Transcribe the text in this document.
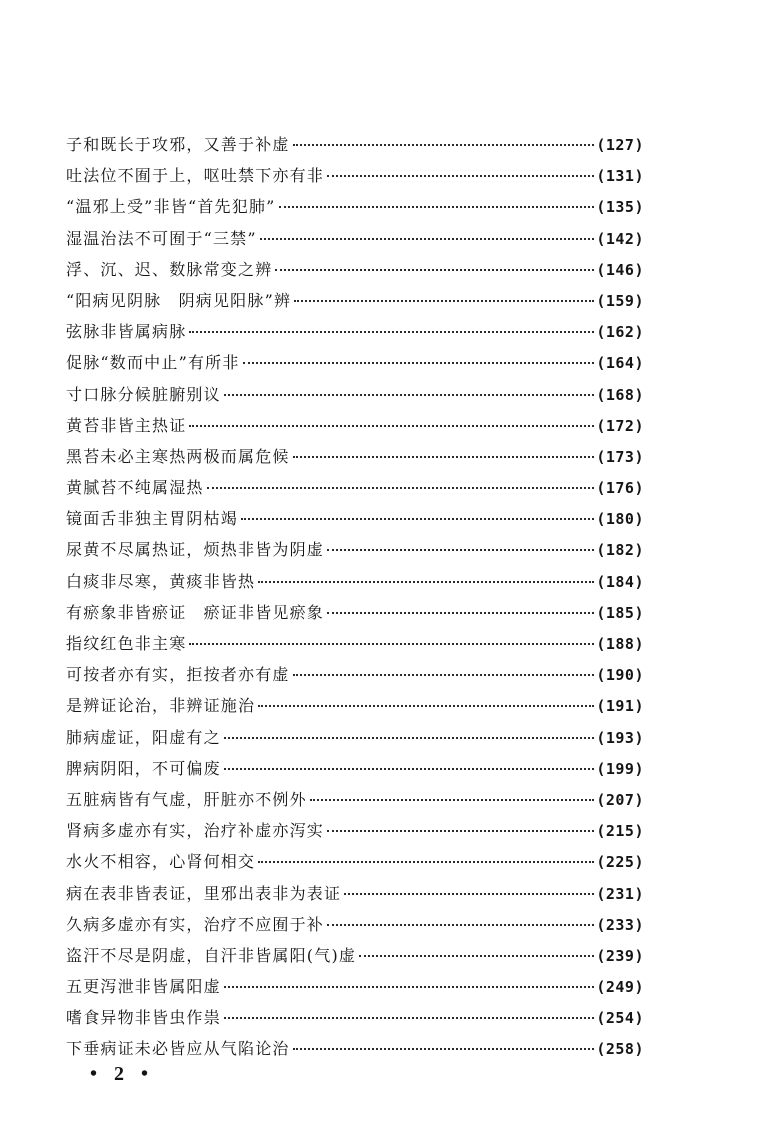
子和既长于攻邪，又善于补虚	(127)
吐法位不囿于上，呕吐禁下亦有非	(131)
“温邪上受”非皆“首先犯肺”	(135)
湿温治法不可囿于“三禁”	(142)
浮、沉、迟、数脉常变之辨	(146)
“阳病见阴脉　阴病见阳脉”辨	(159)
弦脉非皆属病脉	(162)
促脉“数而中止”有所非	(164)
寸口脉分候脏腑别议	(168)
黄苔非皆主热证	(172)
黑苔未必主寒热两极而属危候	(173)
黄腻苔不纯属湿热	(176)
镜面舌非独主胃阴枯竭	(180)
尿黄不尽属热证，烦热非皆为阴虚	(182)
白痰非尽寒，黄痰非皆热	(184)
有瘀象非皆瘀证　瘀证非皆见瘀象	(185)
指纹红色非主寒	(188)
可按者亦有实，拒按者亦有虚	(190)
是辨证论治，非辨证施治	(191)
肺病虚证，阳虚有之	(193)
脾病阴阳，不可偏废	(199)
五脏病皆有气虚，肝脏亦不例外	(207)
肾病多虚亦有实，治疗补虚亦泻实	(215)
水火不相容，心肾何相交	(225)
病在表非皆表证，里邪出表非为表证	(231)
久病多虚亦有实，治疗不应囿于补	(233)
盗汗不尽是阴虚，自汗非皆属阳(气)虚	(239)
五更泻泄非皆属阳虚	(249)
嗜食异物非皆虫作祟	(254)
下垂病证未必皆应从气陷论治	(258)
• 2 •
